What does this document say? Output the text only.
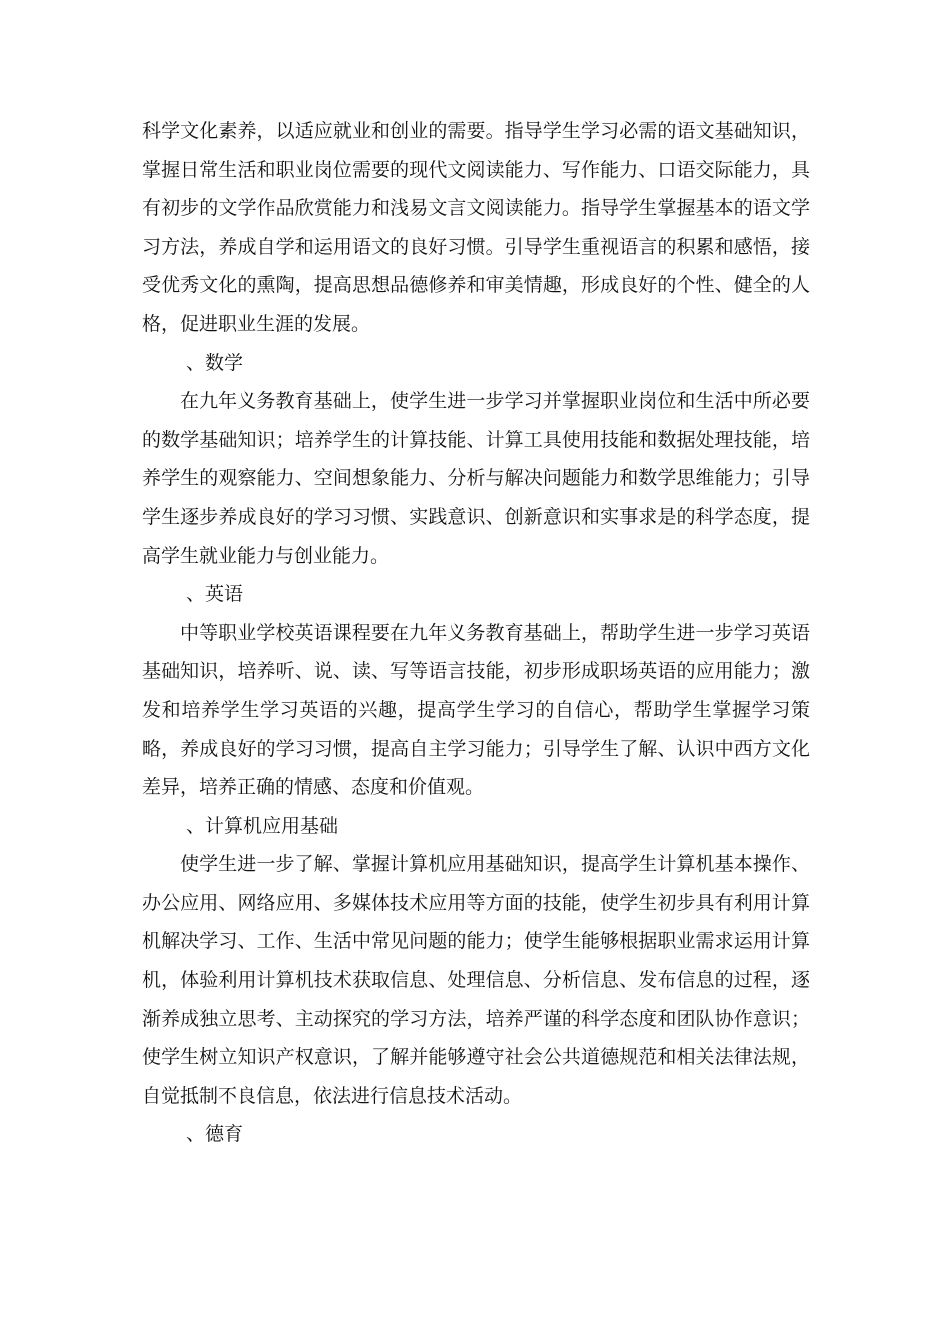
科学文化素养，以适应就业和创业的需要。指导学生学习必需的语文基础知识，掌握日常生活和职业岗位需要的现代文阅读能力、写作能力、口语交际能力，具有初步的文学作品欣赏能力和浅易文言文阅读能力。指导学生掌握基本的语文学习方法，养成自学和运用语文的良好习惯。引导学生重视语言的积累和感悟，接受优秀文化的熏陶，提高思想品德修养和审美情趣，形成良好的个性、健全的人格，促进职业生涯的发展。

、数学

在九年义务教育基础上，使学生进一步学习并掌握职业岗位和生活中所必要的数学基础知识；培养学生的计算技能、计算工具使用技能和数据处理技能，培养学生的观察能力、空间想象能力、分析与解决问题能力和数学思维能力；引导学生逐步养成良好的学习习惯、实践意识、创新意识和实事求是的科学态度，提高学生就业能力与创业能力。

、英语

中等职业学校英语课程要在九年义务教育基础上，帮助学生进一步学习英语基础知识，培养听、说、读、写等语言技能，初步形成职场英语的应用能力；激发和培养学生学习英语的兴趣，提高学生学习的自信心，帮助学生掌握学习策略，养成良好的学习习惯，提高自主学习能力；引导学生了解、认识中西方文化差异，培养正确的情感、态度和价值观。

、计算机应用基础

使学生进一步了解、掌握计算机应用基础知识，提高学生计算机基本操作、办公应用、网络应用、多媒体技术应用等方面的技能，使学生初步具有利用计算机解决学习、工作、生活中常见问题的能力；使学生能够根据职业需求运用计算机，体验利用计算机技术获取信息、处理信息、分析信息、发布信息的过程，逐渐养成独立思考、主动探究的学习方法，培养严谨的科学态度和团队协作意识；使学生树立知识产权意识，了解并能够遵守社会公共道德规范和相关法律法规，自觉抵制不良信息，依法进行信息技术活动。

、德育
